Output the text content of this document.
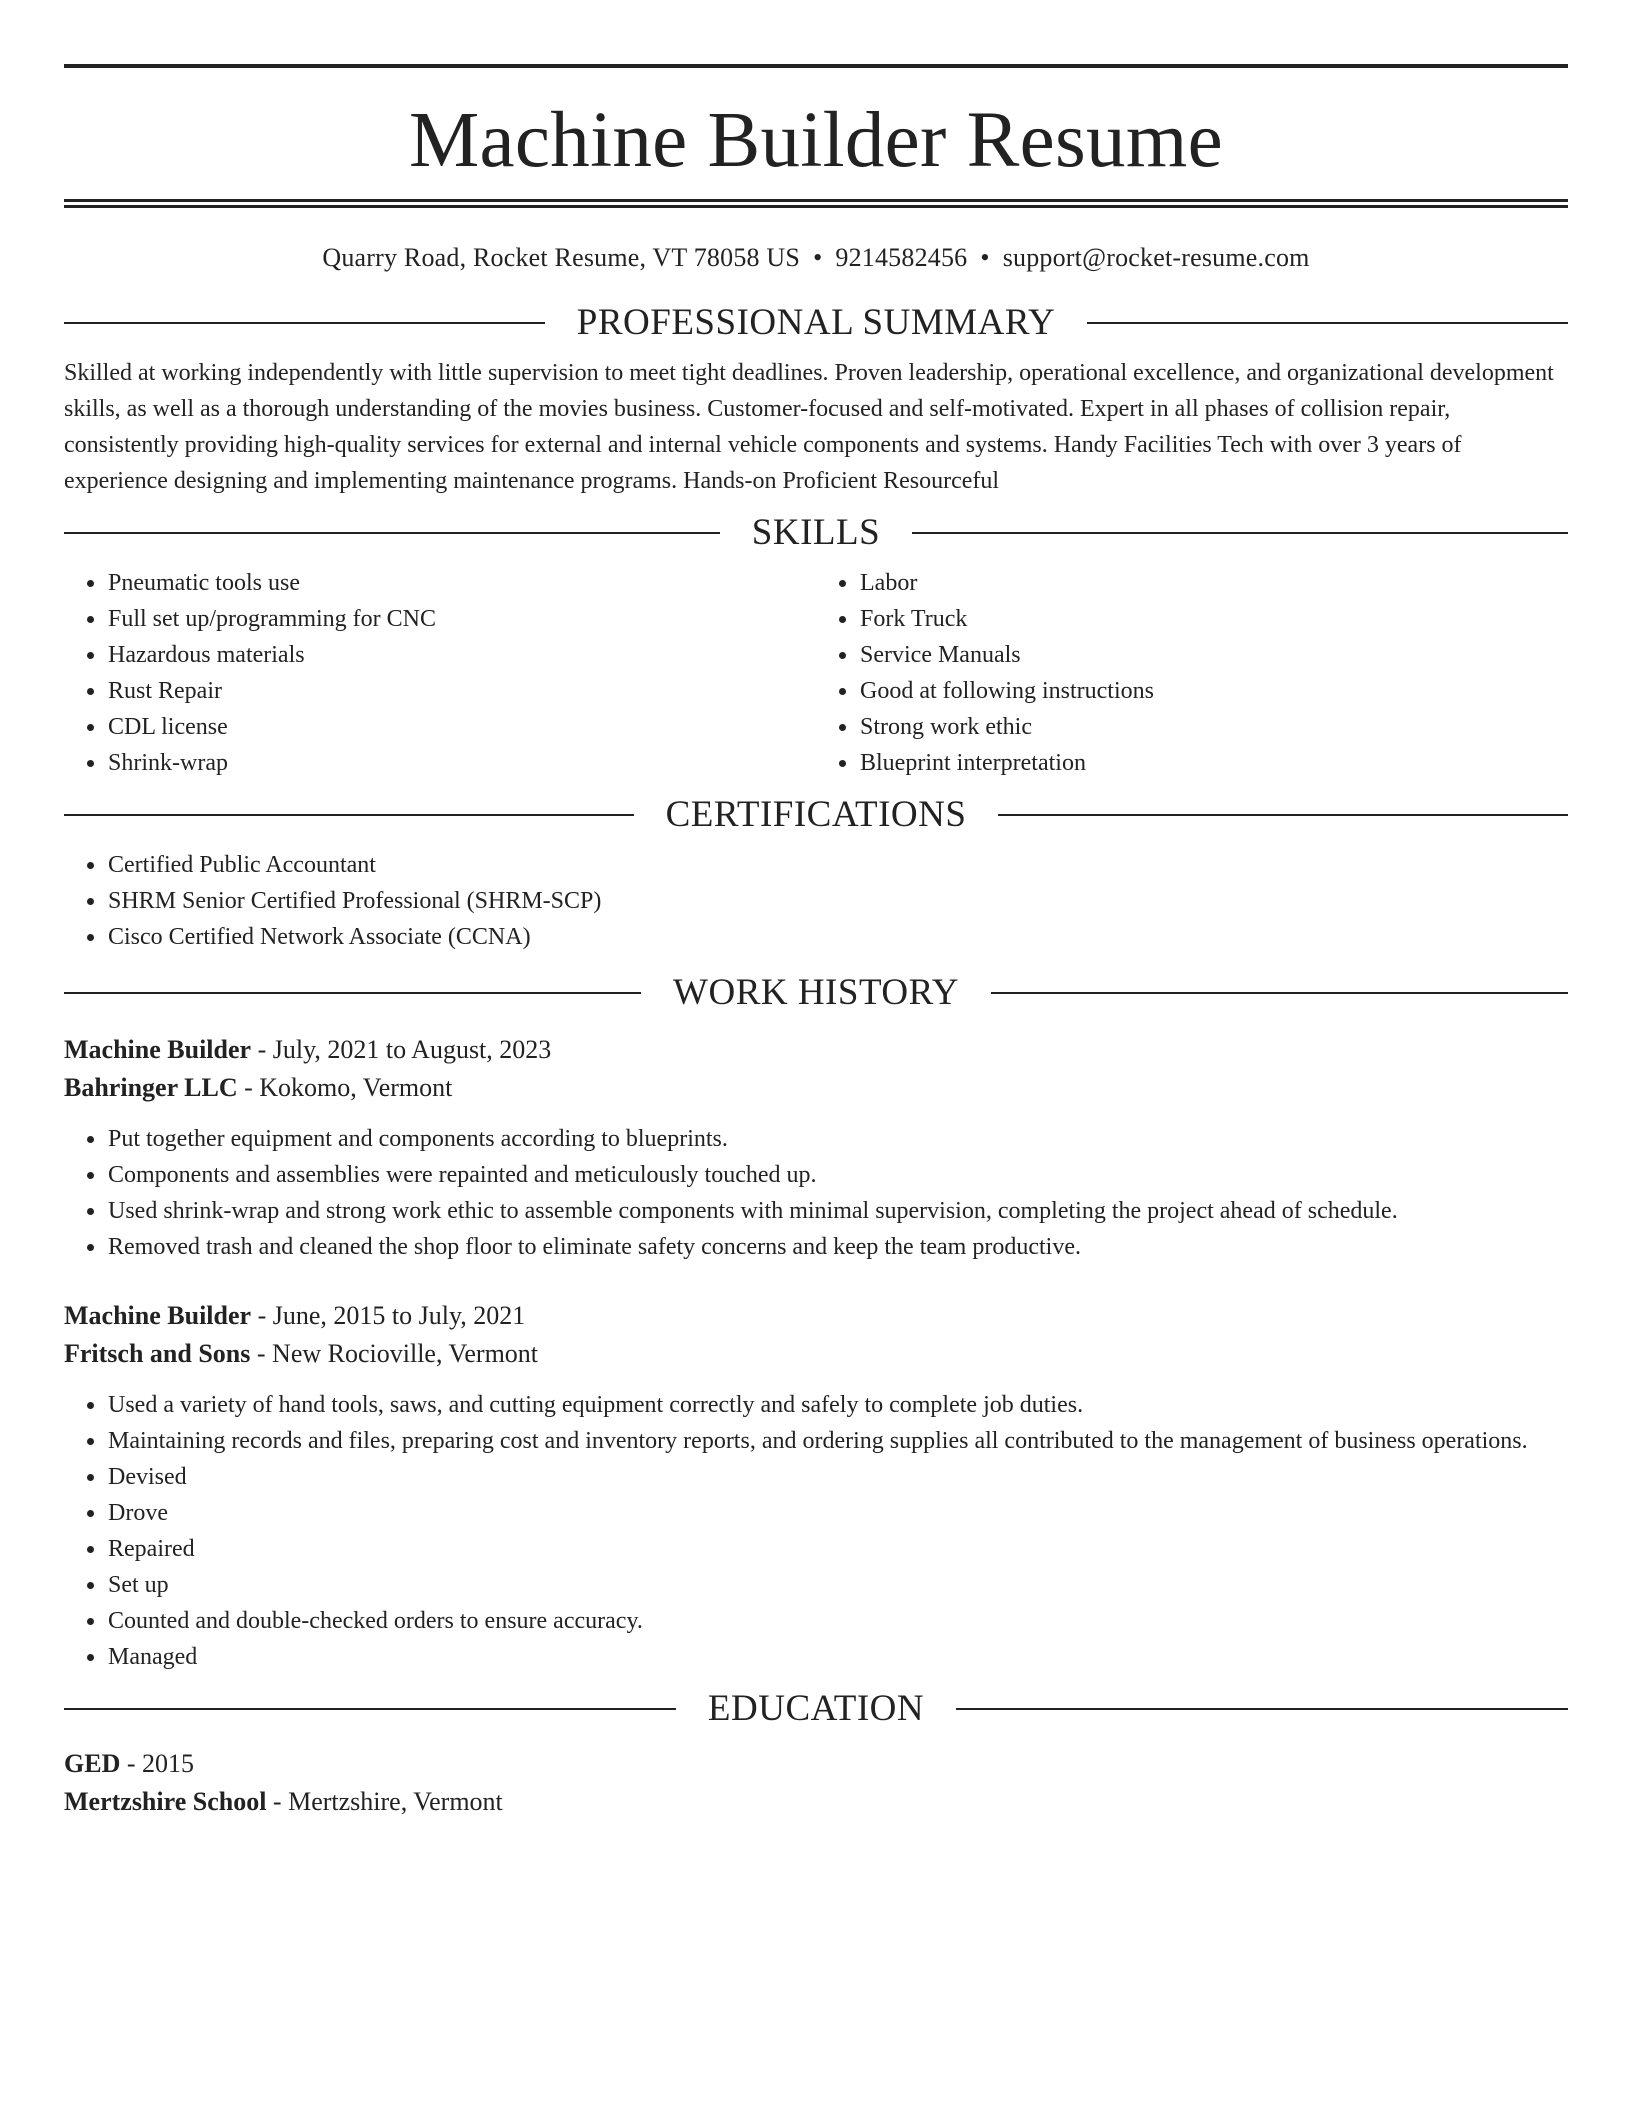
Machine Builder Resume
Quarry Road, Rocket Resume, VT 78058 US • 9214582456 • support@rocket-resume.com
PROFESSIONAL SUMMARY

Skilled at working independently with little supervision to meet tight deadlines. Proven leadership, operational excellence, and organizational development skills, as well as a thorough understanding of the movies business. Customer-focused and self-motivated. Expert in all phases of collision repair, consistently providing high-quality services for external and internal vehicle components and systems. Handy Facilities Tech with over 3 years of experience designing and implementing maintenance programs. Hands-on Proficient Resourceful

SKILLS
• Pneumatic tools use
• Full set up/programming for CNC
• Hazardous materials
• Rust Repair
• CDL license
• Shrink-wrap
• Labor
• Fork Truck
• Service Manuals
• Good at following instructions
• Strong work ethic
• Blueprint interpretation
CERTIFICATIONS
• Certified Public Accountant
• SHRM Senior Certified Professional (SHRM-SCP)
• Cisco Certified Network Associate (CCNA)
WORK HISTORY
Machine Builder - July, 2021 to August, 2023
Bahringer LLC - Kokomo, Vermont
• Put together equipment and components according to blueprints.
• Components and assemblies were repainted and meticulously touched up.
• Used shrink-wrap and strong work ethic to assemble components with minimal supervision, completing the project ahead of schedule.
• Removed trash and cleaned the shop floor to eliminate safety concerns and keep the team productive.
Machine Builder - June, 2015 to July, 2021
Fritsch and Sons - New Rocioville, Vermont
• Used a variety of hand tools, saws, and cutting equipment correctly and safely to complete job duties.
• Maintaining records and files, preparing cost and inventory reports, and ordering supplies all contributed to the management of business operations.
• Devised
• Drove
• Repaired
• Set up
• Counted and double-checked orders to ensure accuracy.
• Managed
EDUCATION
GED - 2015
Mertzshire School - Mertzshire, Vermont
